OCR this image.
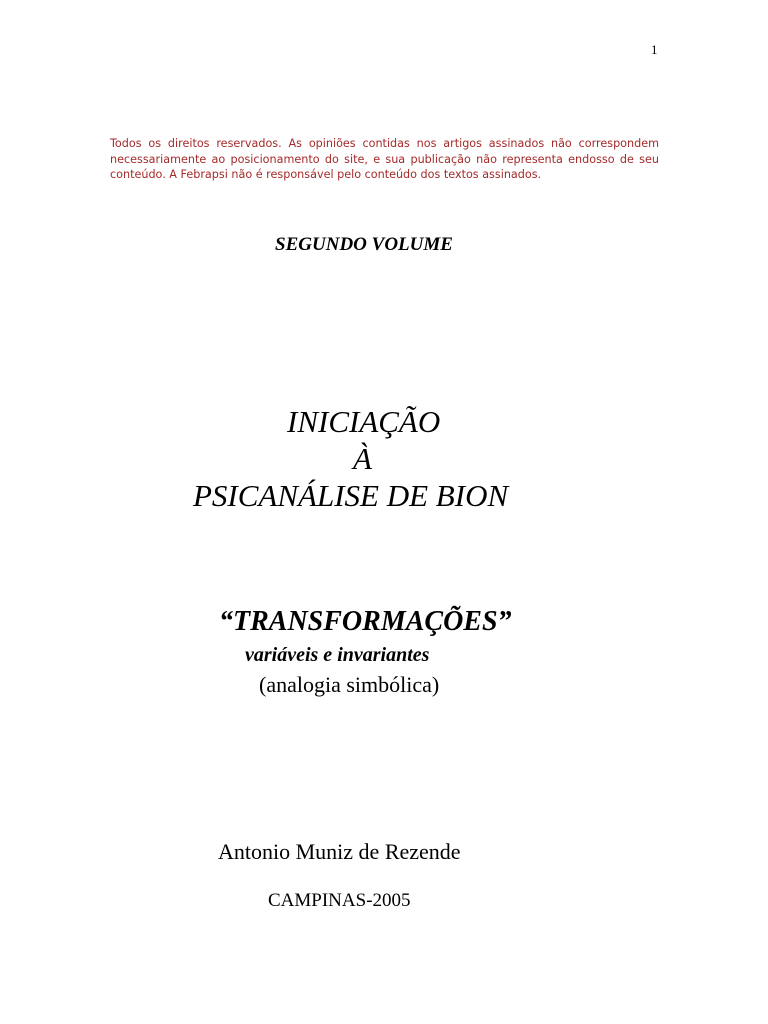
1
Todos os direitos reservados. As opiniões contidas nos artigos assinados não correspondem necessariamente ao posicionamento do site, e sua publicação não representa endosso de seu conteúdo. A Febrapsi não é responsável pelo conteúdo dos textos assinados.
SEGUNDO VOLUME
INICIAÇÃO
À
PSICANÁLISE DE BION
“TRANSFORMAÇÕES”
variáveis e invariantes
(analogia simbólica)
Antonio Muniz de Rezende
CAMPINAS-2005
